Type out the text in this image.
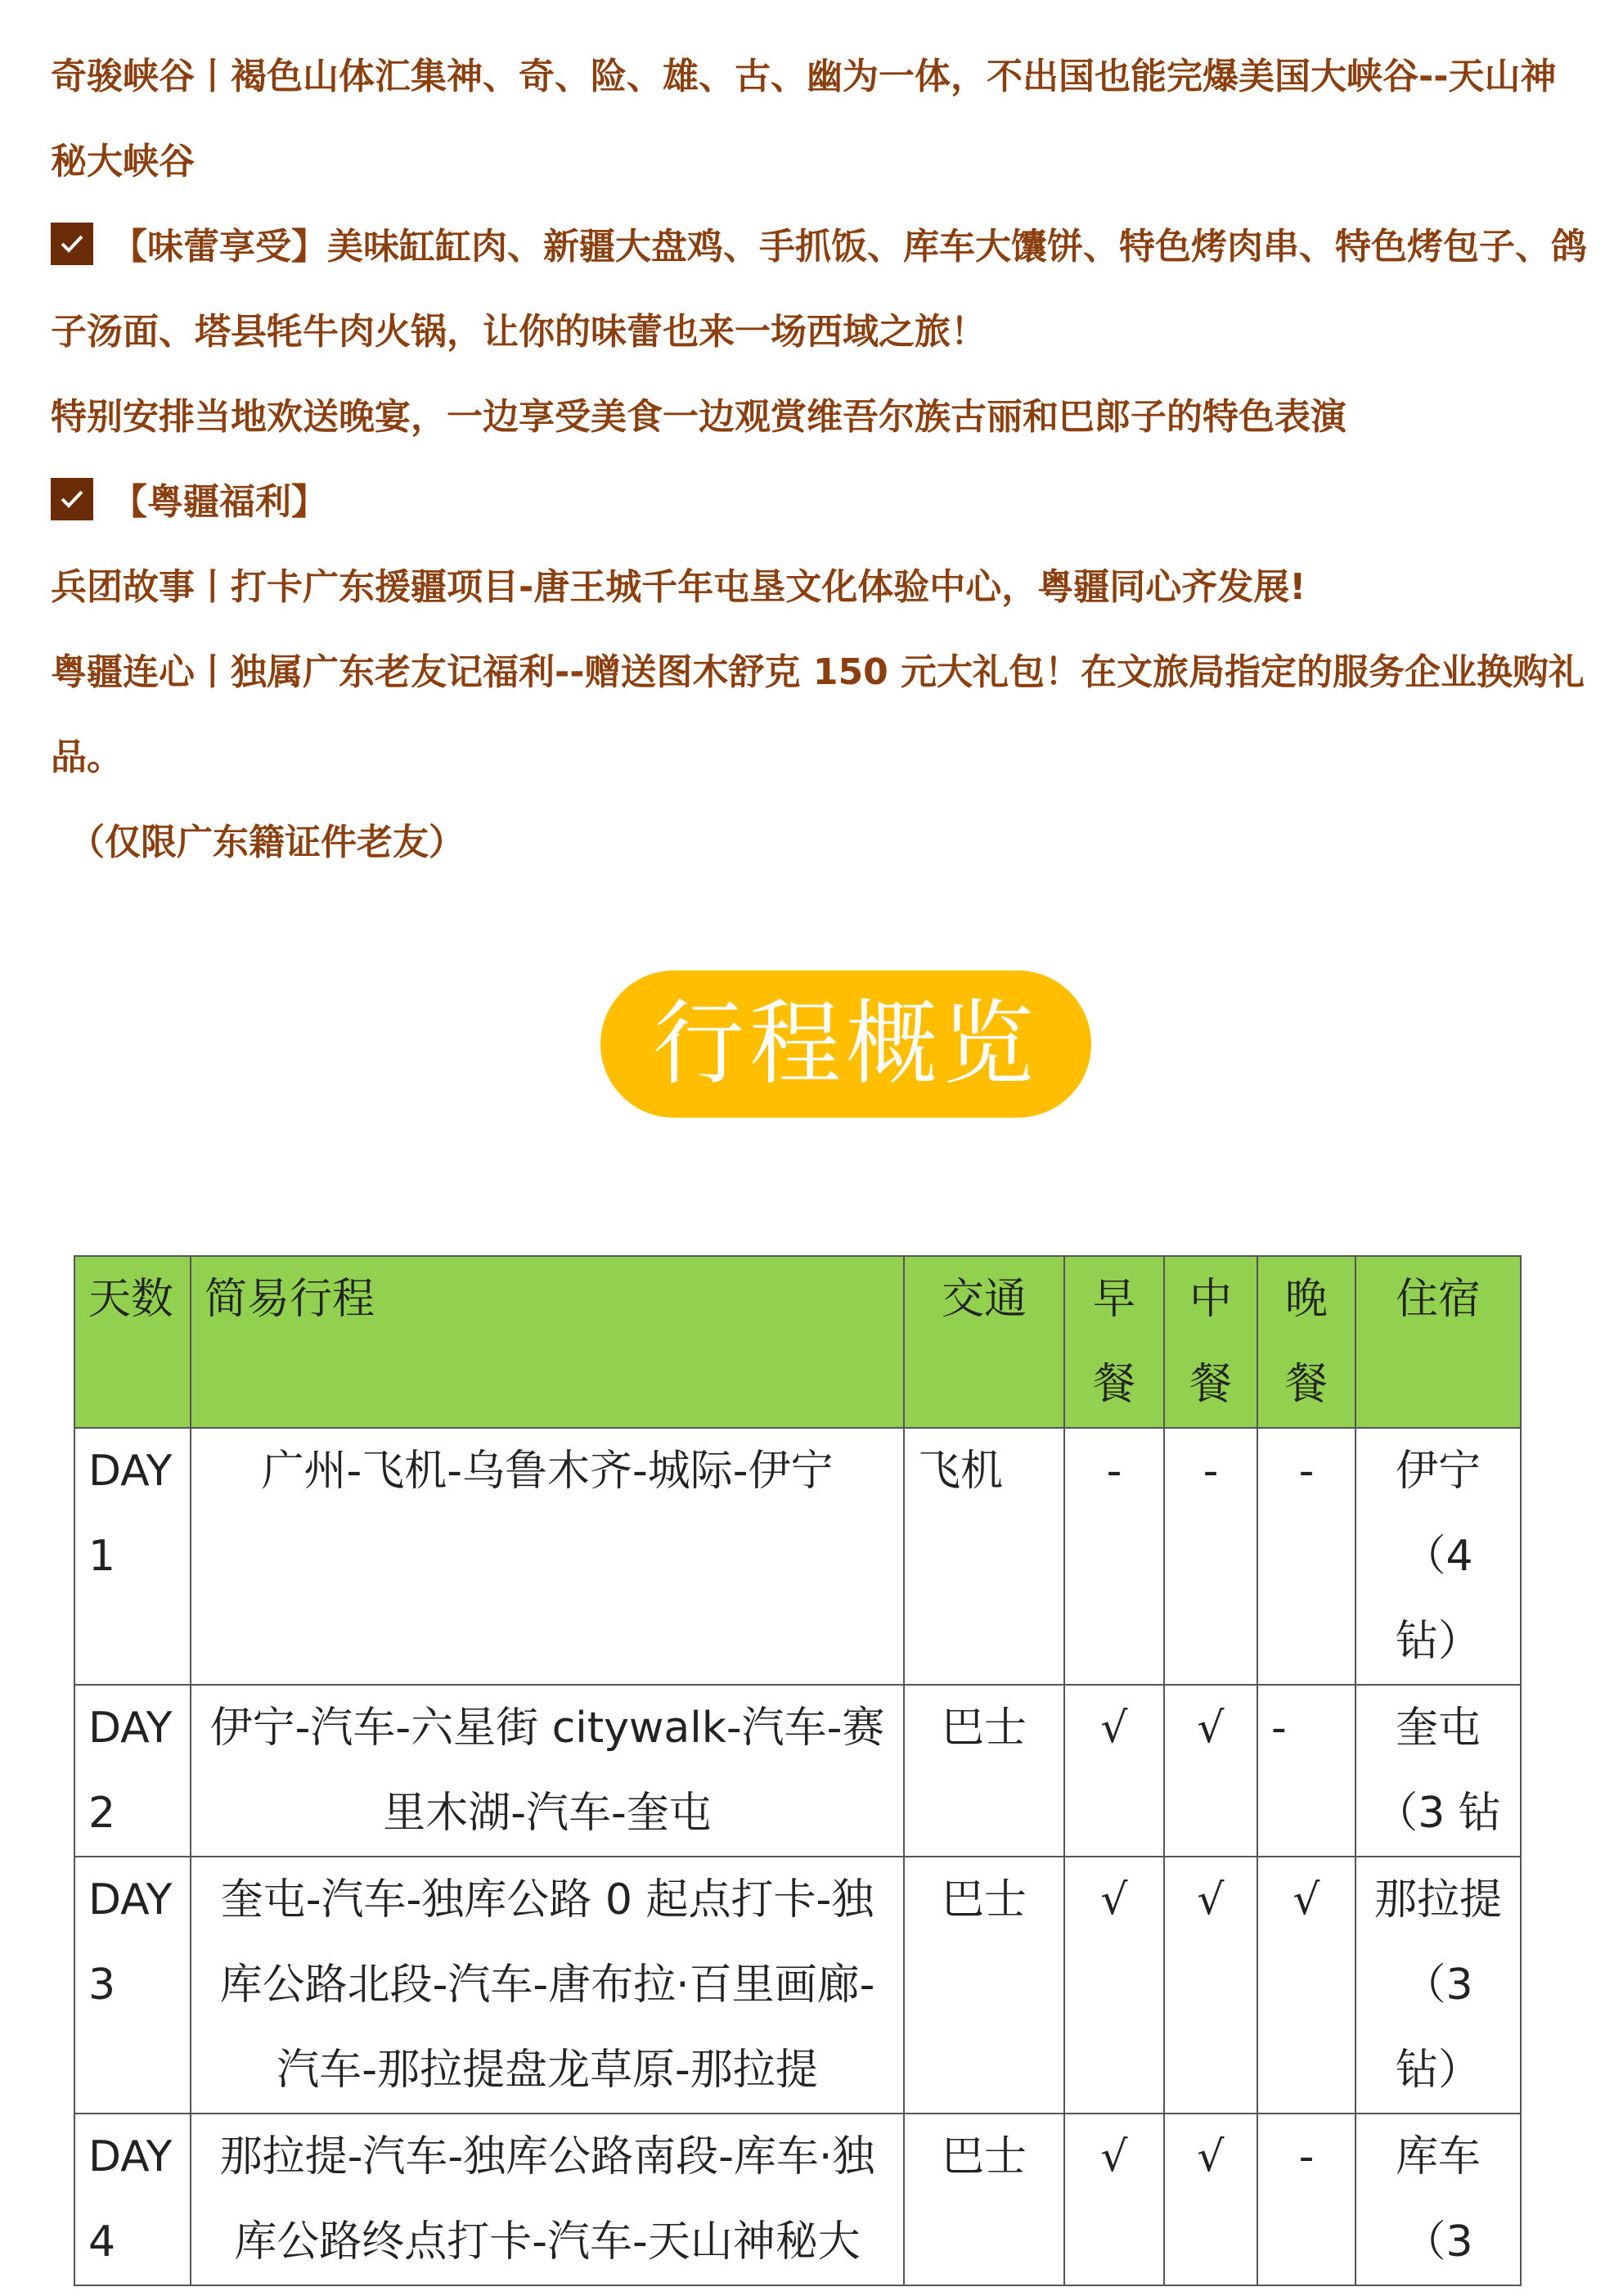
奇骏峡谷丨褐色山体汇集神、奇、险、雄、古、幽为一体，不出国也能完爆美国大峡谷--天山神秘大峡谷

【味蕾享受】美味缸缸肉、新疆大盘鸡、手抓饭、库车大馕饼、特色烤肉串、特色烤包子、鸽子汤面、塔县牦牛肉火锅，让你的味蕾也来一场西域之旅！

特别安排当地欢送晚宴，一边享受美食一边观赏维吾尔族古丽和巴郎子的特色表演

【粤疆福利】

兵团故事丨打卡广东援疆项目-唐王城千年屯垦文化体验中心，粤疆同心齐发展!

粤疆连心丨独属广东老友记福利--赠送图木舒克 150 元大礼包！在文旅局指定的服务企业换购礼品。

（仅限广东籍证件老友）

行程概览
天数	简易行程	交通	早餐	中餐	晚餐	住宿
DAY1	广州-飞机-乌鲁木齐-城际-伊宁	飞机	-	-	-	伊宁（4 钻）
DAY2	伊宁-汽车-六星街 citywalk-汽车-赛里木湖-汽车-奎屯	巴士	√	√	-	奎屯（3 钻
DAY3	奎屯-汽车-独库公路 0 起点打卡-独库公路北段-汽车-唐布拉·百里画廊-汽车-那拉提盘龙草原-那拉提	巴士	√	√	√	那拉提（3 钻）
DAY4	那拉提-汽车-独库公路南段-库车·独库公路终点打卡-汽车-天山神秘大	巴士	√	√	-	库车（3
